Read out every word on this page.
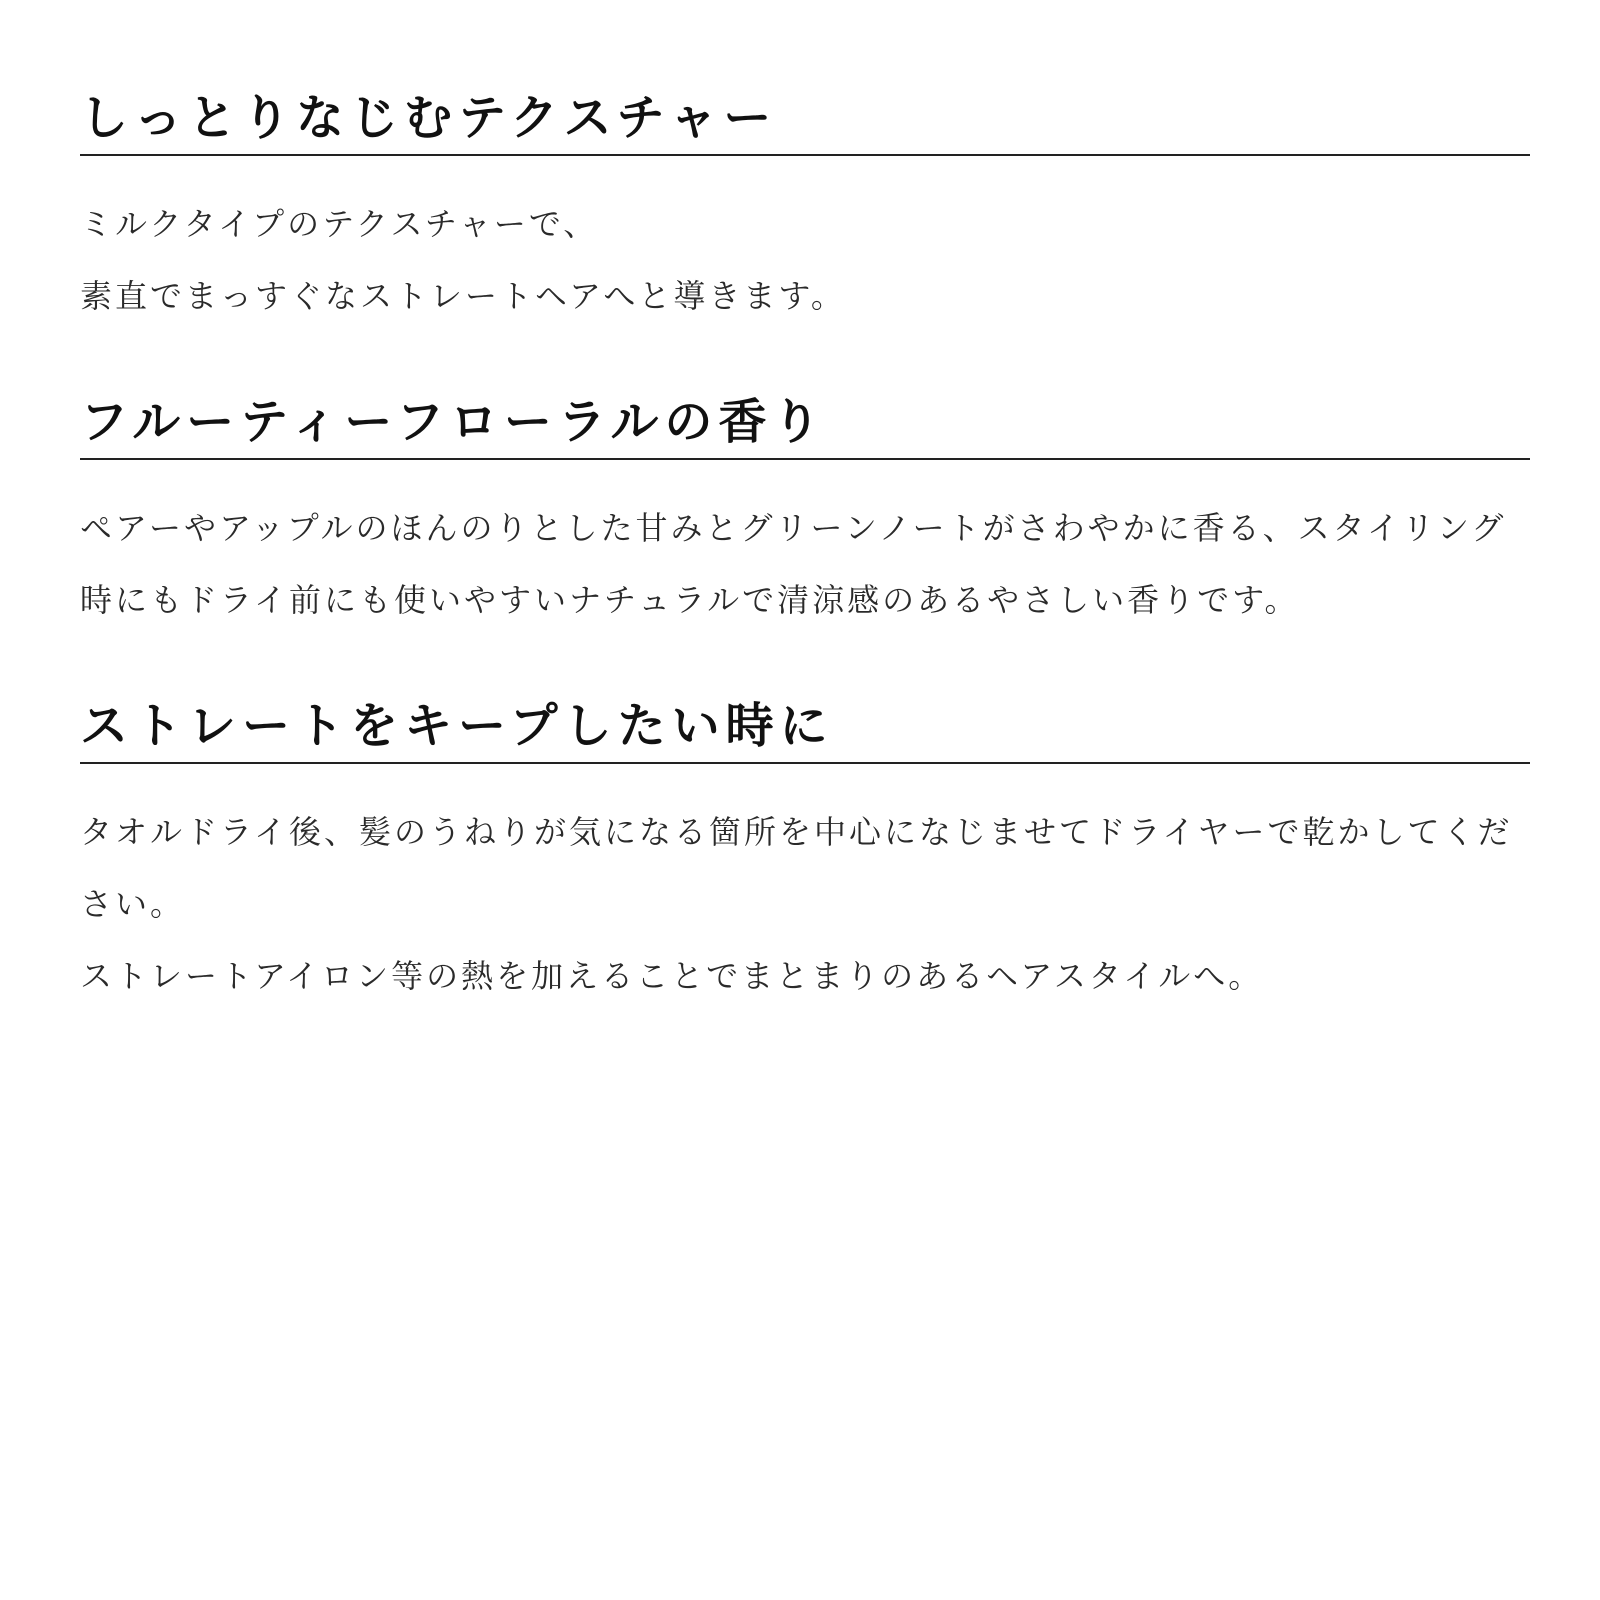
しっとりなじむテクスチャー
ミルクタイプのテクスチャーで、
素直でまっすぐなストレートヘアへと導きます。
フルーティーフローラルの香り
ペアーやアップルのほんのりとした甘みとグリーンノートがさわやかに香る、スタイリング時にもドライ前にも使いやすいナチュラルで清涼感のあるやさしい香りです。
ストレートをキープしたい時に
タオルドライ後、髪のうねりが気になる箇所を中心になじませてドライヤーで乾かしてください。
ストレートアイロン等の熱を加えることでまとまりのあるヘアスタイルへ。
